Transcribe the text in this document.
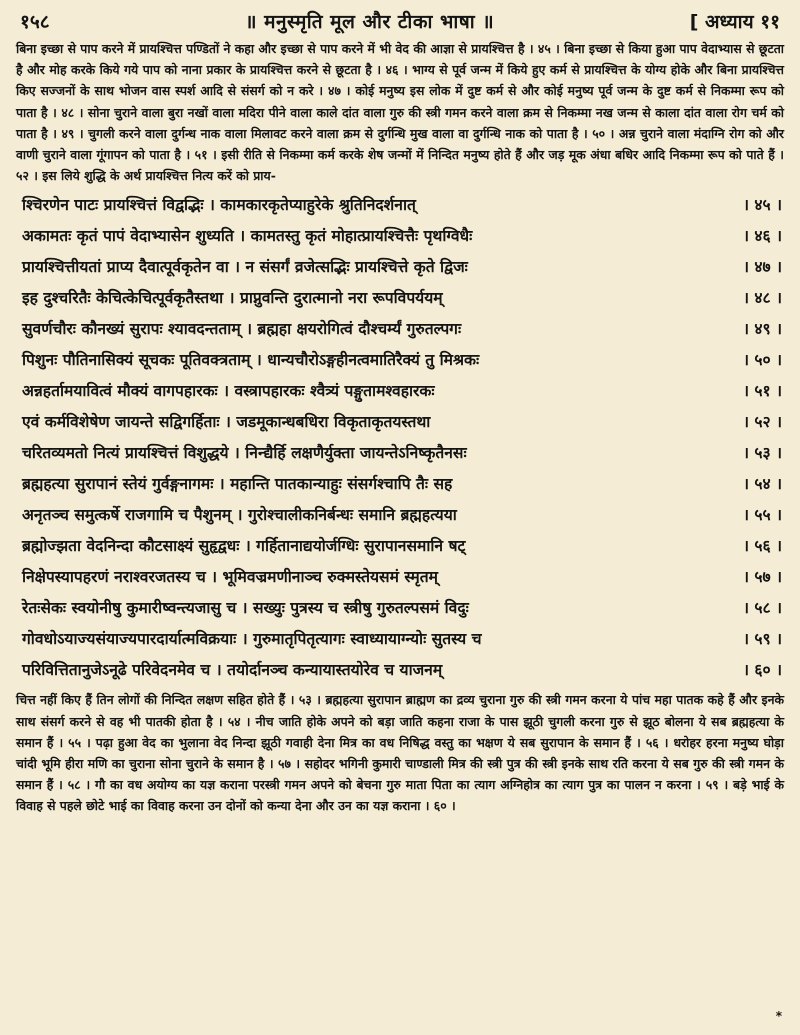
१५८	॥ मनुस्मृति मूल और टीका भाषा ॥	[ अध्याय ११

बिना इच्छा से पाप करने में प्रायश्चित्त पण्डितों ने कहा और इच्छा से पाप करने में भी वेद की आज्ञा से प्रायश्चित्त है । ४५ । बिना इच्छा से किया हुआ पाप वेदाभ्यास से छूटता है और मोह करके किये गये पाप को नाना प्रकार के प्रायश्चित्त करने से छूटता है । ४६ । भाग्य से पूर्व जन्म में किये हुए कर्म से प्रायश्चित्त के योग्य होके और बिना प्रायश्चित्त किए सज्जनों के साथ भोजन वास स्पर्श आदि से संसर्ग को न करे । ४७ । कोई मनुष्य इस लोक में दुष्ट कर्म से और कोई मनुष्य पूर्व जन्म के दुष्ट कर्म से निकम्मा रूप को पाता है । ४८ । सोना चुराने वाला बुरा नखों वाला मदिरा पीने वाला काले दांत वाला गुरु की स्त्री गमन करने वाला क्रम से निकम्मा नख जन्म से काला दांत वाला रोग चर्म को पाता है । ४९ । चुगली करने वाला दुर्गन्ध नाक वाला मिलावट करने वाला क्रम से दुर्गन्धि मुख वाला वा दुर्गन्धि नाक को पाता है । ५० । अन्न चुराने वाला मंदाग्नि रोग को और वाणी चुराने वाला गूंगापन को पाता है । ५१ । इसी रीति से निकम्मा कर्म करके शेष जन्मों में निन्दित मनुष्य होते हैं और जड़ मूक अंधा बधिर आदि निकम्मा रूप को पाते हैं । ५२ । इस लिये शुद्धि के अर्थ प्रायश्चित्त नित्य करें को प्राय-

श्चिरणेन पाटः प्रायश्चित्तं विद्वद्भिः । कामकारकृतेप्याहुरेके श्रुतिनिदर्शनात्	। ४५ ।
अकामतः कृतं पापं वेदाभ्यासेन शुध्यति । कामतस्तु कृतं मोहात्प्रायश्चित्तैः पृथग्विधैः	। ४६ ।
प्रायश्चित्तीयतां प्राप्य दैवात्पूर्वकृतेन वा । न संसर्गं व्रजेत्सद्भिः प्रायश्चित्ते कृते द्विजः	। ४७ ।
इह दुश्चरितैः केचित्केचित्पूर्वकृतैस्तथा । प्राप्नुवन्ति दुरात्मानो नरा रूपविपर्ययम्	। ४८ ।
सुवर्णचौरः कौनख्यं सुरापः श्यावदन्तताम् । ब्रह्महा क्षयरोगित्वं दौश्चर्म्यं गुरुतल्पगः	। ४९ ।
पिशुनः पौतिनासिक्यं सूचकः पूतिवक्त्रताम् । धान्यचौरोऽङ्गहीनत्वमातिरैक्यं तु मिश्रकः	। ५० ।
अन्नहर्तामयावित्वं मौक्यं वागपहारकः । वस्त्रापहारकः श्वैत्र्यं पङ्गुतामश्वहारकः	। ५१ ।
एवं कर्मविशेषेण जायन्ते सद्विगर्हिताः । जडमूकान्धबधिरा विकृताकृतयस्तथा	। ५२ ।
चरितव्यमतो नित्यं प्रायश्चित्तं विशुद्धये । निन्द्यैर्हि लक्षणैर्युक्ता जायन्तेऽनिष्कृतैनसः	। ५३ ।
ब्रह्महत्या सुरापानं स्तेयं गुर्वङ्गनागमः । महान्ति पातकान्याहुः संसर्गश्चापि तैः सह	। ५४ ।
अनृतञ्च समुत्कर्षे राजगामि च पैशुनम् । गुरोश्चालीकनिर्बन्धः समानि ब्रह्महत्यया	। ५५ ।
ब्रह्मोज्झता वेदनिन्दा कौटसाक्ष्यं सुहृद्वधः । गर्हितानाद्ययोर्जग्धिः सुरापानसमानि षट्	। ५६ ।
निक्षेपस्यापहरणं नराश्वरजतस्य च । भूमिवज्रमणीनाञ्च रुक्मस्तेयसमं स्मृतम्	। ५७ ।
रेतःसेकः स्वयोनीषु कुमारीष्वन्त्यजासु च । सख्युः पुत्रस्य च स्त्रीषु गुरुतल्पसमं विदुः	। ५८ ।
गोवधोऽयाज्यसंयाज्यपारदार्यात्मविक्रयाः । गुरुमातृपितृत्यागः स्वाध्यायाग्न्योः सुतस्य च	। ५९ ।
परिवित्तितानुजेऽनूढे परिवेदनमेव च । तयोर्दानञ्च कन्यायास्तयोरेव च याजनम्	। ६० ।

चित्त नहीं किए हैं तिन लोगों की निन्दित लक्षण सहित होते हैं । ५३ । ब्रह्महत्या सुरापान ब्राह्मण का द्रव्य चुराना गुरु की स्त्री गमन करना ये पांच महा पातक कहे हैं और इनके साथ संसर्ग करने से वह भी पातकी होता है । ५४ । नीच जाति होके अपने को बड़ा जाति कहना राजा के पास झूठी चुगली करना गुरु से झूठ बोलना ये सब ब्रह्महत्या के समान हैं । ५५ । पढ़ा हुआ वेद का भुलाना वेद निन्दा झूठी गवाही देना मित्र का वध निषिद्ध वस्तु का भक्षण ये सब सुरापान के समान हैं । ५६ । धरोहर हरना मनुष्य घोड़ा चांदी भूमि हीरा मणि का चुराना सोना चुराने के समान है । ५७ । सहोदर भगिनी कुमारी चाण्डाली मित्र की स्त्री पुत्र की स्त्री इनके साथ रति करना ये सब गुरु की स्त्री गमन के समान हैं । ५८ । गौ का वध अयोग्य का यज्ञ कराना परस्त्री गमन अपने को बेचना गुरु माता पिता का त्याग अग्निहोत्र का त्याग पुत्र का पालन न करना । ५९ । बड़े भाई के विवाह से पहले छोटे भाई का विवाह करना उन दोनों को कन्या देना और उन का यज्ञ कराना । ६० ।

*
